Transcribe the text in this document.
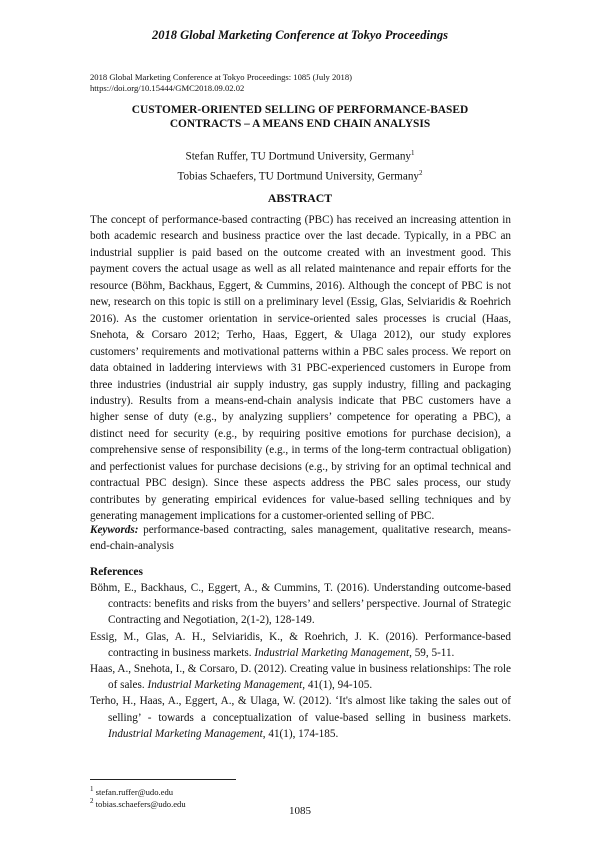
2018 Global Marketing Conference at Tokyo Proceedings
2018 Global Marketing Conference at Tokyo Proceedings: 1085 (July 2018)
https://doi.org/10.15444/GMC2018.09.02.02
CUSTOMER-ORIENTED SELLING OF PERFORMANCE-BASED
CONTRACTS – A MEANS END CHAIN ANALYSIS
Stefan Ruffer, TU Dortmund University, Germany$^1$
Tobias Schaefers, TU Dortmund University, Germany$^2$
ABSTRACT
The concept of performance-based contracting (PBC) has received an increasing attention in both academic research and business practice over the last decade. Typically, in a PBC an industrial supplier is paid based on the outcome created with an investment good. This payment covers the actual usage as well as all related maintenance and repair efforts for the resource (Böhm, Backhaus, Eggert, & Cummins, 2016). Although the concept of PBC is not new, research on this topic is still on a preliminary level (Essig, Glas, Selviaridis & Roehrich 2016). As the customer orientation in service-oriented sales processes is crucial (Haas, Snehota, & Corsaro 2012; Terho, Haas, Eggert, & Ulaga 2012), our study explores customers’ requirements and motivational patterns within a PBC sales process. We report on data obtained in laddering interviews with 31 PBC-experienced customers in Europe from three industries (industrial air supply industry, gas supply industry, filling and packaging industry). Results from a means-end-chain analysis indicate that PBC customers have a higher sense of duty (e.g., by analyzing suppliers’ competence for operating a PBC), a distinct need for security (e.g., by requiring positive emotions for purchase decision), a comprehensive sense of responsibility (e.g., in terms of the long-term contractual obligation) and perfectionist values for purchase decisions (e.g., by striving for an optimal technical and contractual PBC design). Since these aspects address the PBC sales process, our study contributes by generating empirical evidences for value-based selling techniques and by generating management implications for a customer-oriented selling of PBC.
Keywords: performance-based contracting, sales management, qualitative research, means-end-chain-analysis
References
Böhm, E., Backhaus, C., Eggert, A., & Cummins, T. (2016). Understanding outcome-based contracts: benefits and risks from the buyers’ and sellers’ perspective. Journal of Strategic Contracting and Negotiation, 2(1-2), 128-149.
Essig, M., Glas, A. H., Selviaridis, K., & Roehrich, J. K. (2016). Performance-based contracting in business markets. Industrial Marketing Management, 59, 5-11.
Haas, A., Snehota, I., & Corsaro, D. (2012). Creating value in business relationships: The role of sales. Industrial Marketing Management, 41(1), 94-105.
Terho, H., Haas, A., Eggert, A., & Ulaga, W. (2012). ‘It's almost like taking the sales out of selling’ - towards a conceptualization of value-based selling in business markets. Industrial Marketing Management, 41(1), 174-185.
$^1$ stefan.ruffer@udo.edu
$^2$ tobias.schaefers@udo.edu
1085
